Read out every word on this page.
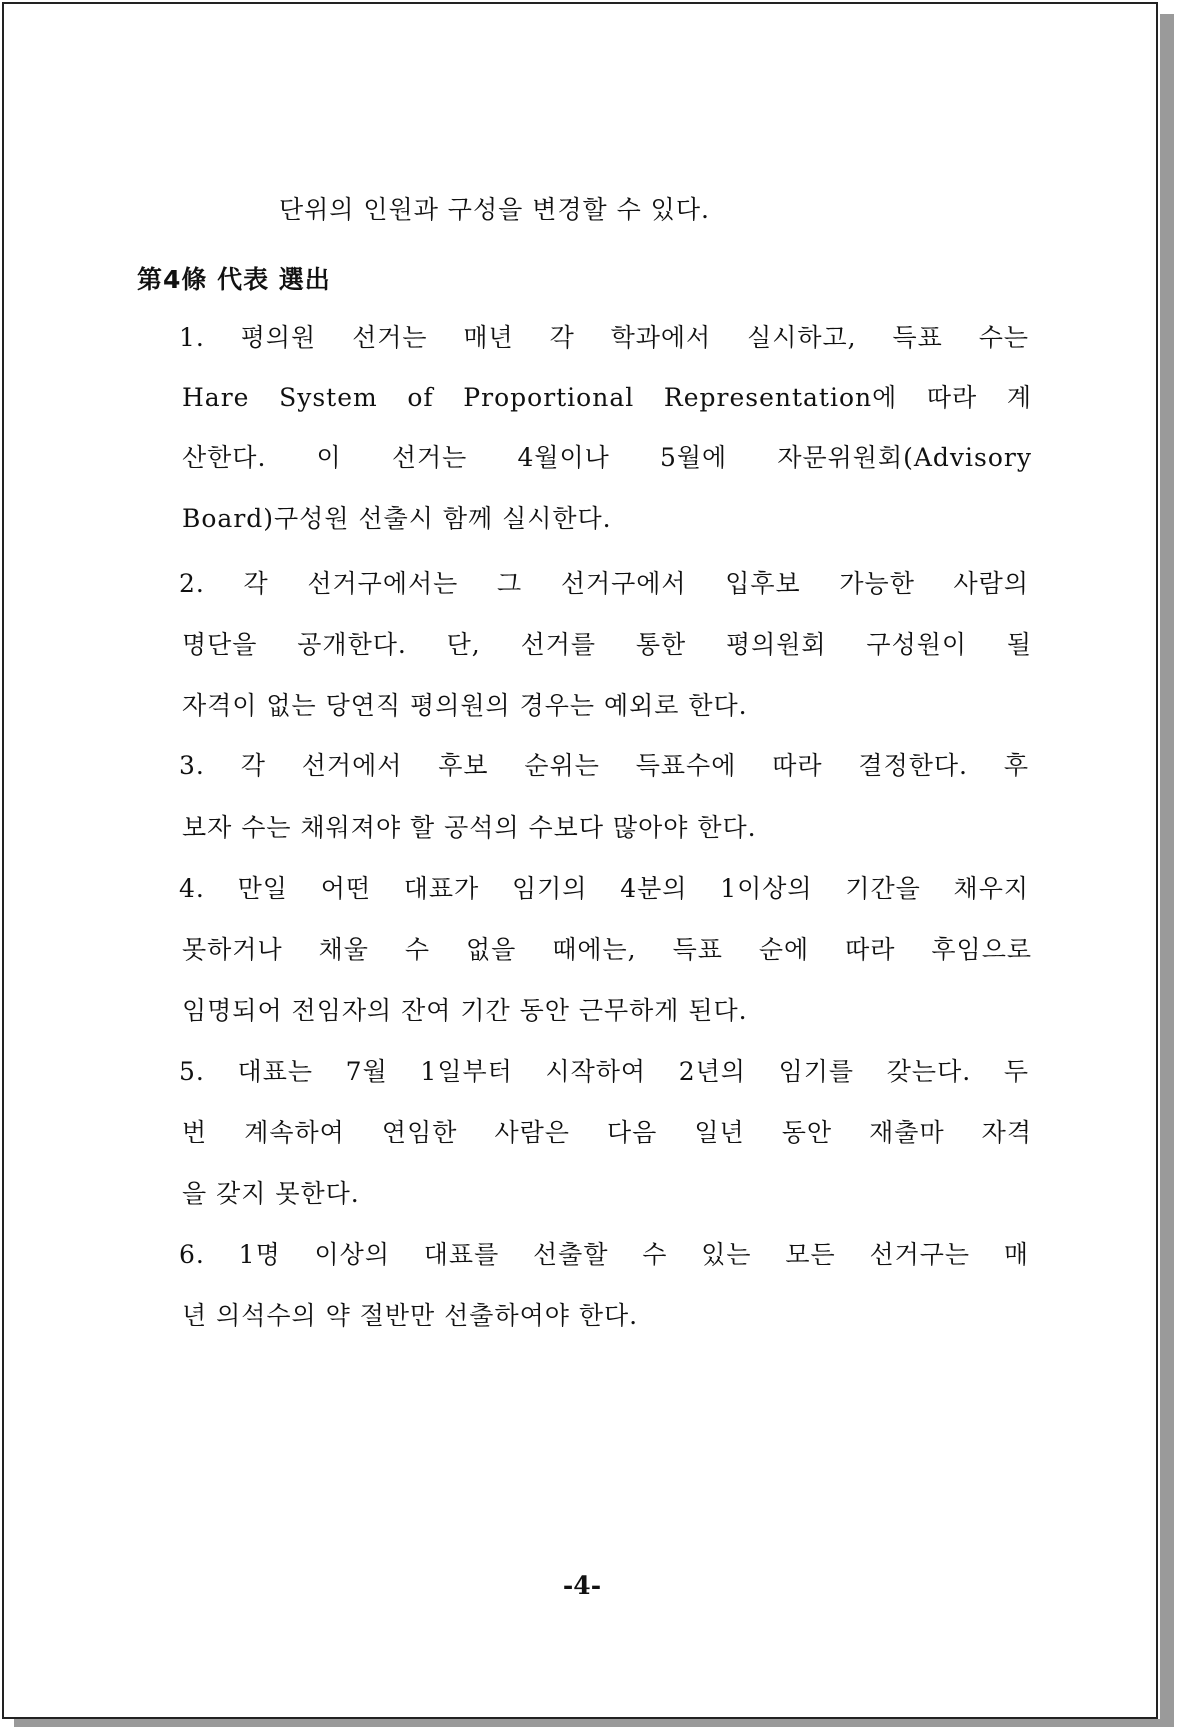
단위의 인원과 구성을 변경할 수 있다.
第4條 代表 選出
1. 평의원 선거는 매년 각 학과에서 실시하고, 득표 수는
Hare System of Proportional Representation에 따라 계
산한다. 이 선거는 4월이나 5월에 자문위원회(Advisory
Board)구성원 선출시 함께 실시한다.
2. 각 선거구에서는 그 선거구에서 입후보 가능한 사람의
명단을 공개한다. 단, 선거를 통한 평의원회 구성원이 될
자격이 없는 당연직 평의원의 경우는 예외로 한다.
3. 각 선거에서 후보 순위는 득표수에 따라 결정한다. 후
보자 수는 채워져야 할 공석의 수보다 많아야 한다.
4. 만일 어떤 대표가 임기의 4분의 1이상의 기간을 채우지
못하거나 채울 수 없을 때에는, 득표 순에 따라 후임으로
임명되어 전임자의 잔여 기간 동안 근무하게 된다.
5. 대표는 7월 1일부터 시작하여 2년의 임기를 갖는다. 두
번 계속하여 연임한 사람은 다음 일년 동안 재출마 자격
을 갖지 못한다.
6. 1명 이상의 대표를 선출할 수 있는 모든 선거구는 매
년 의석수의 약 절반만 선출하여야 한다.
-4-
